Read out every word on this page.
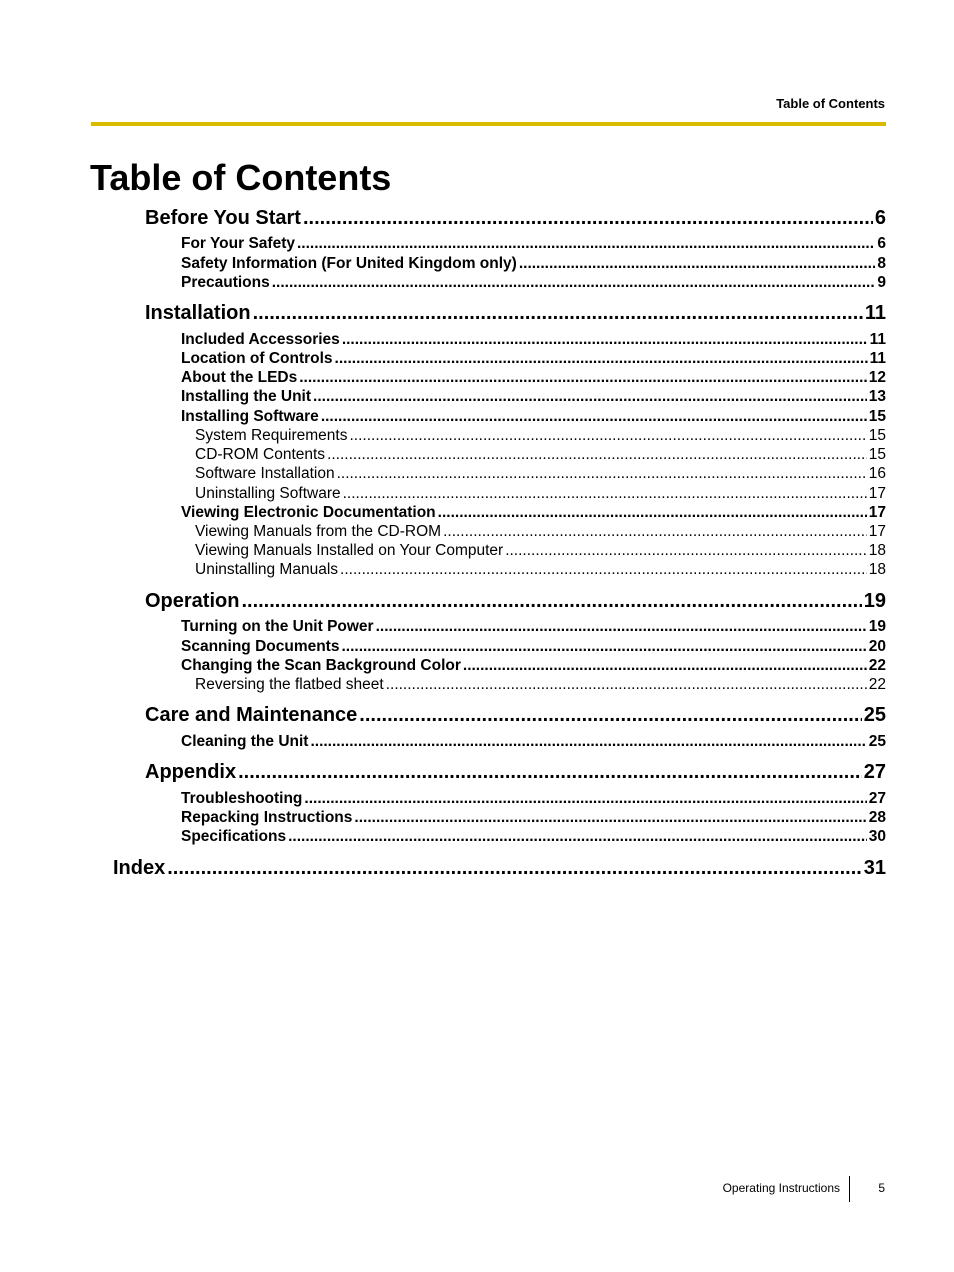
Table of Contents
Table of Contents
Before You Start .....	6
For Your Safety .....	6
Safety Information (For United Kingdom only) .....	8
Precautions .....	9
Installation .....	11
Included Accessories .....	11
Location of Controls .....	11
About the LEDs .....	12
Installing the Unit .....	13
Installing Software .....	15
System Requirements .....	15
CD-ROM Contents .....	15
Software Installation .....	16
Uninstalling Software .....	17
Viewing Electronic Documentation .....	17
Viewing Manuals from the CD-ROM .....	17
Viewing Manuals Installed on Your Computer .....	18
Uninstalling Manuals .....	18
Operation .....	19
Turning on the Unit Power .....	19
Scanning Documents .....	20
Changing the Scan Background Color .....	22
Reversing the flatbed sheet .....	22
Care and Maintenance .....	25
Cleaning the Unit .....	25
Appendix .....	27
Troubleshooting .....	27
Repacking Instructions .....	28
Specifications .....	30
Index .....	31
Operating Instructions	5
